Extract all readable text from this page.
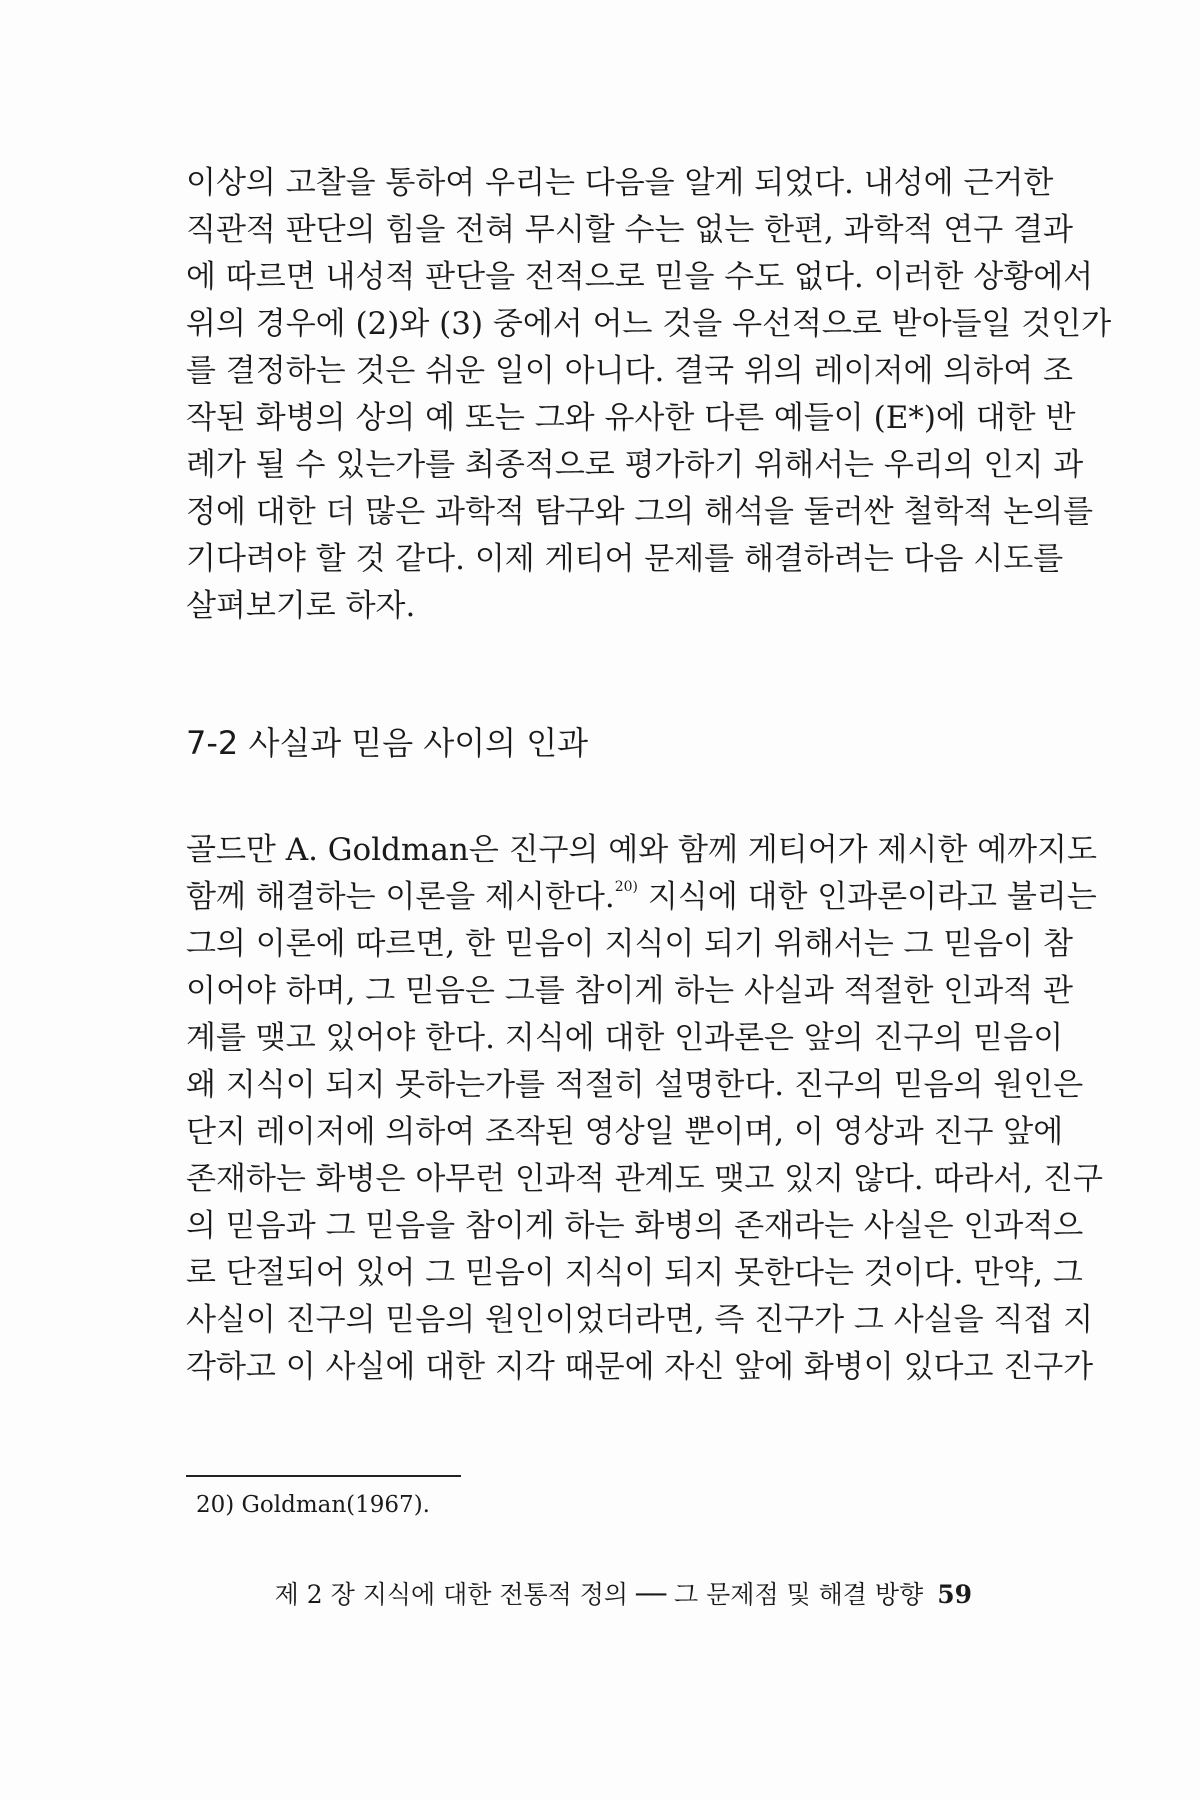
이상의 고찰을 통하여 우리는 다음을 알게 되었다. 내성에 근거한
직관적 판단의 힘을 전혀 무시할 수는 없는 한편, 과학적 연구 결과
에 따르면 내성적 판단을 전적으로 믿을 수도 없다. 이러한 상황에서
위의 경우에 (2)와 (3) 중에서 어느 것을 우선적으로 받아들일 것인가
를 결정하는 것은 쉬운 일이 아니다. 결국 위의 레이저에 의하여 조
작된 화병의 상의 예 또는 그와 유사한 다른 예들이 (E*)에 대한 반
례가 될 수 있는가를 최종적으로 평가하기 위해서는 우리의 인지 과
정에 대한 더 많은 과학적 탐구와 그의 해석을 둘러싼 철학적 논의를
기다려야 할 것 같다. 이제 게티어 문제를 해결하려는 다음 시도를
살펴보기로 하자.
7-2 사실과 믿음 사이의 인과
골드만 A. Goldman은 진구의 예와 함께 게티어가 제시한 예까지도
함께 해결하는 이론을 제시한다.$^{20)}$ 지식에 대한 인과론이라고 불리는
그의 이론에 따르면, 한 믿음이 지식이 되기 위해서는 그 믿음이 참
이어야 하며, 그 믿음은 그를 참이게 하는 사실과 적절한 인과적 관
계를 맺고 있어야 한다. 지식에 대한 인과론은 앞의 진구의 믿음이
왜 지식이 되지 못하는가를 적절히 설명한다. 진구의 믿음의 원인은
단지 레이저에 의하여 조작된 영상일 뿐이며, 이 영상과 진구 앞에
존재하는 화병은 아무런 인과적 관계도 맺고 있지 않다. 따라서, 진구
의 믿음과 그 믿음을 참이게 하는 화병의 존재라는 사실은 인과적으
로 단절되어 있어 그 믿음이 지식이 되지 못한다는 것이다. 만약, 그
사실이 진구의 믿음의 원인이었더라면, 즉 진구가 그 사실을 직접 지
각하고 이 사실에 대한 지각 때문에 자신 앞에 화병이 있다고 진구가
20) Goldman(1967).
제 2 장 지식에 대한 전통적 정의 ── 그 문제점 및 해결 방향 59
